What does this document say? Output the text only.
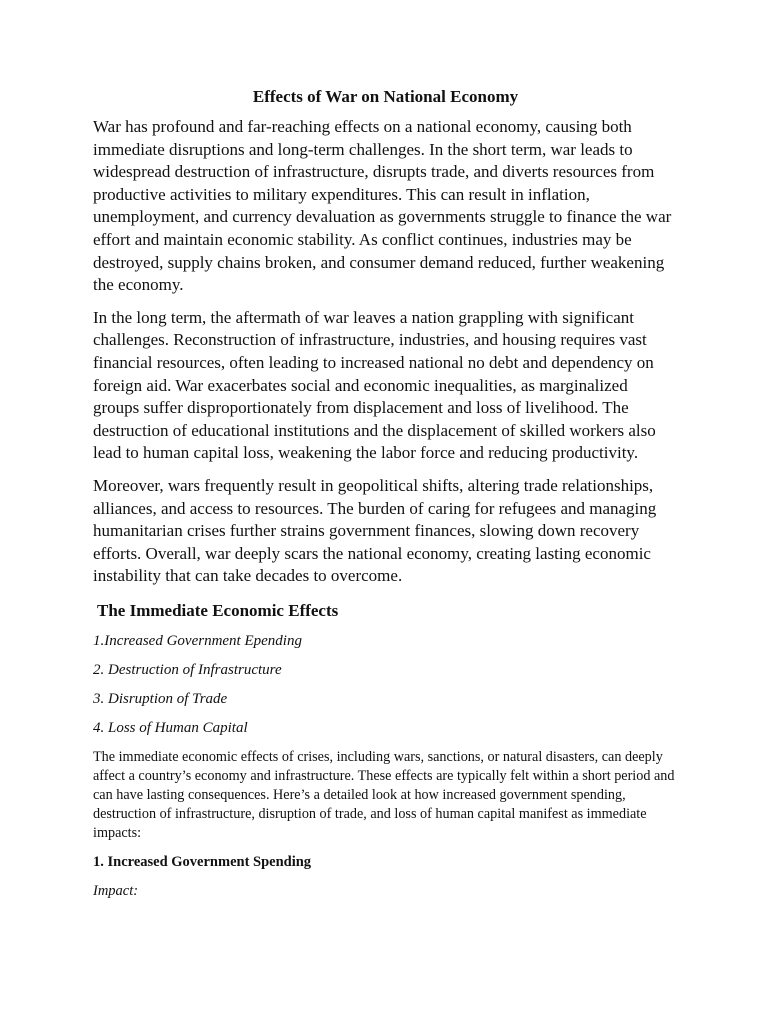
Effects of War on National Economy

War has profound and far-reaching effects on a national economy, causing both immediate disruptions and long-term challenges. In the short term, war leads to widespread destruction of infrastructure, disrupts trade, and diverts resources from productive activities to military expenditures. This can result in inflation, unemployment, and currency devaluation as governments struggle to finance the war effort and maintain economic stability. As conflict continues, industries may be destroyed, supply chains broken, and consumer demand reduced, further weakening the economy.

In the long term, the aftermath of war leaves a nation grappling with significant challenges. Reconstruction of infrastructure, industries, and housing requires vast financial resources, often leading to increased national no debt and dependency on foreign aid. War exacerbates social and economic inequalities, as marginalized groups suffer disproportionately from displacement and loss of livelihood. The destruction of educational institutions and the displacement of skilled workers also lead to human capital loss, weakening the labor force and reducing productivity.

Moreover, wars frequently result in geopolitical shifts, altering trade relationships, alliances, and access to resources. The burden of caring for refugees and managing humanitarian crises further strains government finances, slowing down recovery efforts. Overall, war deeply scars the national economy, creating lasting economic instability that can take decades to overcome.

The Immediate Economic Effects

1.Increased Government Epending

2. Destruction of Infrastructure

3. Disruption of Trade

4. Loss of Human Capital

The immediate economic effects of crises, including wars, sanctions, or natural disasters, can deeply affect a country’s economy and infrastructure. These effects are typically felt within a short period and can have lasting consequences. Here’s a detailed look at how increased government spending, destruction of infrastructure, disruption of trade, and loss of human capital manifest as immediate impacts:

1. Increased Government Spending

Impact:
